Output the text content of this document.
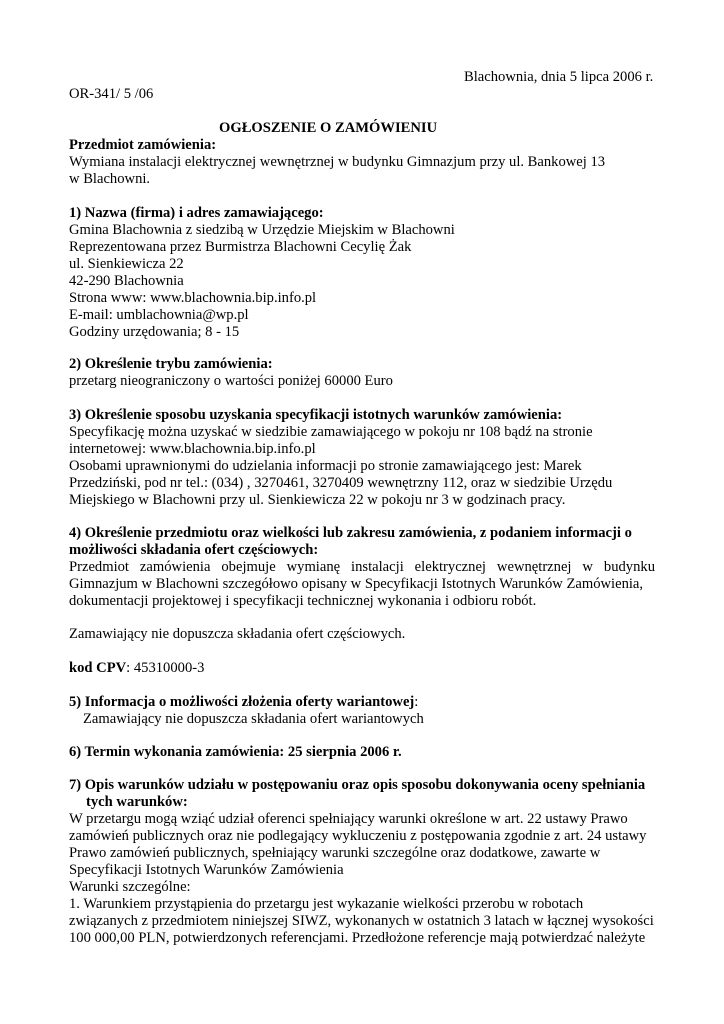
Blachownia, dnia 5 lipca 2006 r.
OR-341/ 5 /06
OGŁOSZENIE O ZAMÓWIENIU
Przedmiot zamówienia:
Wymiana instalacji elektrycznej wewnętrznej w budynku Gimnazjum przy ul. Bankowej 13
w Blachowni.
1) Nazwa (firma) i adres zamawiającego:
Gmina Blachownia z siedzibą w Urzędzie Miejskim w Blachowni
Reprezentowana przez Burmistrza Blachowni Cecylię Żak
ul. Sienkiewicza 22
42-290 Blachownia
Strona www: www.blachownia.bip.info.pl
E-mail: umblachownia@wp.pl
Godziny urzędowania; 8 - 15
2) Określenie trybu zamówienia:
przetarg nieograniczony o wartości poniżej 60000 Euro
3) Określenie sposobu uzyskania specyfikacji istotnych warunków zamówienia:
Specyfikację można uzyskać w siedzibie zamawiającego w pokoju nr 108 bądź na stronie
internetowej: www.blachownia.bip.info.pl
Osobami uprawnionymi do udzielania informacji po stronie zamawiającego jest: Marek
Przedziński, pod nr tel.: (034) , 3270461, 3270409 wewnętrzny 112, oraz w siedzibie Urzędu
Miejskiego w Blachowni przy ul. Sienkiewicza 22 w pokoju nr 3 w godzinach pracy.
4) Określenie przedmiotu oraz wielkości lub zakresu zamówienia, z podaniem informacji o
możliwości składania ofert częściowych:
Przedmiot zamówienia obejmuje wymianę instalacji elektrycznej wewnętrznej w budynku
Gimnazjum w Blachowni szczegółowo opisany w Specyfikacji Istotnych Warunków Zamówienia,
dokumentacji projektowej i specyfikacji technicznej wykonania i odbioru robót.
Zamawiający nie dopuszcza składania ofert częściowych.
kod CPV: 45310000-3
5) Informacja o możliwości złożenia oferty wariantowej:
Zamawiający nie dopuszcza składania ofert wariantowych
6) Termin wykonania zamówienia: 25 sierpnia 2006 r.
7) Opis warunków udziału w postępowaniu oraz opis sposobu dokonywania oceny spełniania
tych warunków:
W przetargu mogą wziąć udział oferenci spełniający warunki określone w art. 22 ustawy Prawo
zamówień publicznych oraz nie podlegający wykluczeniu z postępowania zgodnie z art. 24 ustawy
Prawo zamówień publicznych, spełniający warunki szczególne oraz dodatkowe, zawarte w
Specyfikacji Istotnych Warunków Zamówienia
Warunki szczególne:
1. Warunkiem przystąpienia do przetargu jest wykazanie wielkości przerobu w robotach
związanych z przedmiotem niniejszej SIWZ, wykonanych w ostatnich 3 latach w łącznej wysokości
100 000,00 PLN, potwierdzonych referencjami. Przedłożone referencje mają potwierdzać należyte
